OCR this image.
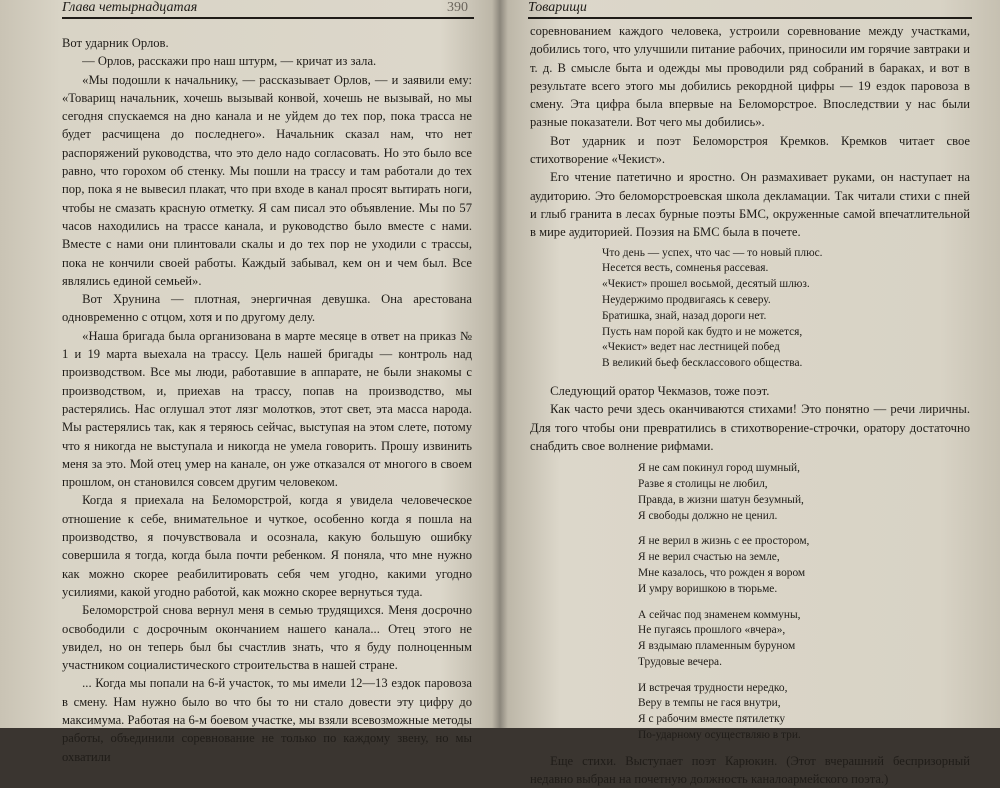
Глава четырнадцатая	390

Вот ударник Орлов.

— Орлов, расскажи про наш штурм, — кричат из зала.

«Мы подошли к начальнику, — рассказывает Орлов, — и заявили ему: «Товарищ начальник, хочешь вызывай конвой, хочешь не вызывай, но мы сегодня спускаемся на дно канала и не уйдем до тех пор, пока трасса не будет расчищена до последнего». Начальник сказал нам, что нет распоряжений руководства, что это дело надо согласовать. Но это было все равно, что горохом об стенку. Мы пошли на трассу и там работали до тех пор, пока я не вывесил плакат, что при входе в канал просят вытирать ноги, чтобы не смазать красную отметку. Я сам писал это объявление. Мы по 57 часов находились на трассе канала, и руководство было вместе с нами. Вместе с нами они плинтовали скалы и до тех пор не уходили с трассы, пока не кончили своей работы. Каждый забывал, кем он и чем был. Все являлись единой семьей».

Вот Хрунина — плотная, энергичная девушка. Она арестована одновременно с отцом, хотя и по другому делу.

«Наша бригада была организована в марте месяце в ответ на приказ № 1 и 19 марта выехала на трассу. Цель нашей бригады — контроль над производством. Все мы люди, работавшие в аппарате, не были знакомы с производством, и, приехав на трассу, попав на производство, мы растерялись. Нас оглушал этот лязг молотков, этот свет, эта масса народа. Мы растерялись так, как я теряюсь сейчас, выступая на этом слете, потому что я никогда не выступала и никогда не умела говорить. Прошу извинить меня за это. Мой отец умер на канале, он уже отказался от многого в своем прошлом, он становился совсем другим человеком.

Когда я приехала на Беломорстрой, когда я увидела человеческое отношение к себе, внимательное и чуткое, особенно когда я пошла на производство, я почувствовала и осознала, какую большую ошибку совершила я тогда, когда была почти ребенком. Я поняла, что мне нужно как можно скорее реабилитировать себя чем угодно, какими угодно усилиями, какой угодно работой, как можно скорее вернуться туда.

Беломорстрой снова вернул меня в семью трудящихся. Меня досрочно освободили с досрочным окончанием нашего канала... Отец этого не увидел, но он теперь был бы счастлив знать, что я буду полноценным участником социалистического строительства в нашей стране.

... Когда мы попали на 6-й участок, то мы имели 12—13 ездок паровоза в смену. Нам нужно было во что бы то ни стало довести эту цифру до максимума. Работая на 6-м боевом участке, мы взяли всевозможные методы работы, объединили соревнование не только по каждому звену, но мы охватили

Товарищи

соревнованием каждого человека, устроили соревнование между участками, добились того, что улучшили питание рабочих, приносили им горячие завтраки и т. д. В смысле быта и одежды мы проводили ряд собраний в бараках, и вот в результате всего этого мы добились рекордной цифры — 19 ездок паровоза в смену. Эта цифра была впервые на Беломорстрое. Впоследствии у нас были разные показатели. Вот чего мы добились».

Вот ударник и поэт Беломорстроя Кремков. Кремков читает свое стихотворение «Чекист».

Его чтение патетично и яростно. Он размахивает руками, он наступает на аудиторию. Это беломорстроевская школа декламации. Так читали стихи с пней и глыб гранита в лесах бурные поэты БМС, окруженные самой впечатлительной в мире аудиторией. Поэзия на БМС была в почете.

Что день — успех, что час — то новый плюс.
Несется весть, сомненья рассевая.
«Чекист» прошел восьмой, десятый шлюз.
Неудержимо продвигаясь к северу.
Братишка, знай, назад дороги нет.
Пусть нам порой как будто и не можется,
«Чекист» ведет нас лестницей побед
В великий бьеф бесклассового общества.

Следующий оратор Чекмазов, тоже поэт.

Как часто речи здесь оканчиваются стихами! Это понятно — речи лиричны. Для того чтобы они превратились в стихотворение-строчки, оратору достаточно снабдить свое волнение рифмами.

Я не сам покинул город шумный,
Разве я столицы не любил,
Правда, в жизни шатун безумный,
Я свободы должно не ценил.
Я не верил в жизнь с ее простором,
Я не верил счастью на земле,
Мне казалось, что рожден я вором
И умру воришкою в тюрьме.
А сейчас под знаменем коммуны,
Не пугаясь прошлого «вчера»,
Я вздымаю пламенным буруном
Трудовые вечера.
И встречая трудности нередко,
Веру в темпы не гася внутри,
Я с рабочим вместе пятилетку
По-ударному осуществляю в три.

Еще стихи. Выступает поэт Карюкин. (Этот вчерашний беспризорный недавно выбран на почетную должность каналоармейского поэта.)
